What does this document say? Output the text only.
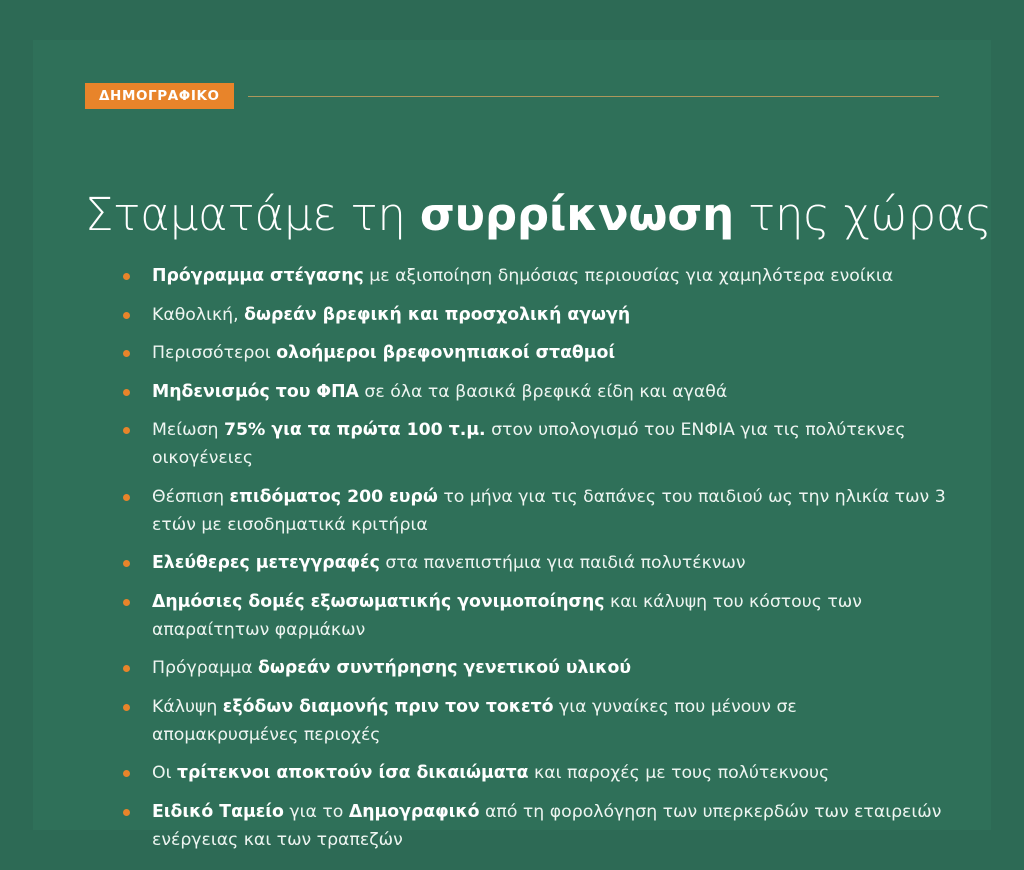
ΔΗΜΟΓΡΑΦΙΚΟ
Σταματάμε τη συρρίκνωση της χώρας
Πρόγραμμα στέγασης με αξιοποίηση δημόσιας περιουσίας για χαμηλότερα ενοίκια
Καθολική, δωρεάν βρεφική και προσχολική αγωγή
Περισσότεροι ολοήμεροι βρεφονηπιακοί σταθμοί
Μηδενισμός του ΦΠΑ σε όλα τα βασικά βρεφικά είδη και αγαθά
Μείωση 75% για τα πρώτα 100 τ.μ. στον υπολογισμό του ΕΝΦΙΑ για τις πολύτεκνες οικογένειες
Θέσπιση επιδόματος 200 ευρώ το μήνα για τις δαπάνες του παιδιού ως την ηλικία των 3 ετών με εισοδηματικά κριτήρια
Ελεύθερες μετεγγραφές στα πανεπιστήμια για παιδιά πολυτέκνων
Δημόσιες δομές εξωσωματικής γονιμοποίησης και κάλυψη του κόστους των απαραίτητων φαρμάκων
Πρόγραμμα δωρεάν συντήρησης γενετικού υλικού
Κάλυψη εξόδων διαμονής πριν τον τοκετό για γυναίκες που μένουν σε απομακρυσμένες περιοχές
Οι τρίτεκνοι αποκτούν ίσα δικαιώματα και παροχές με τους πολύτεκνους
Ειδικό Ταμείο για το Δημογραφικό από τη φορολόγηση των υπερκερδών των εταιρειών ενέργειας και των τραπεζών
